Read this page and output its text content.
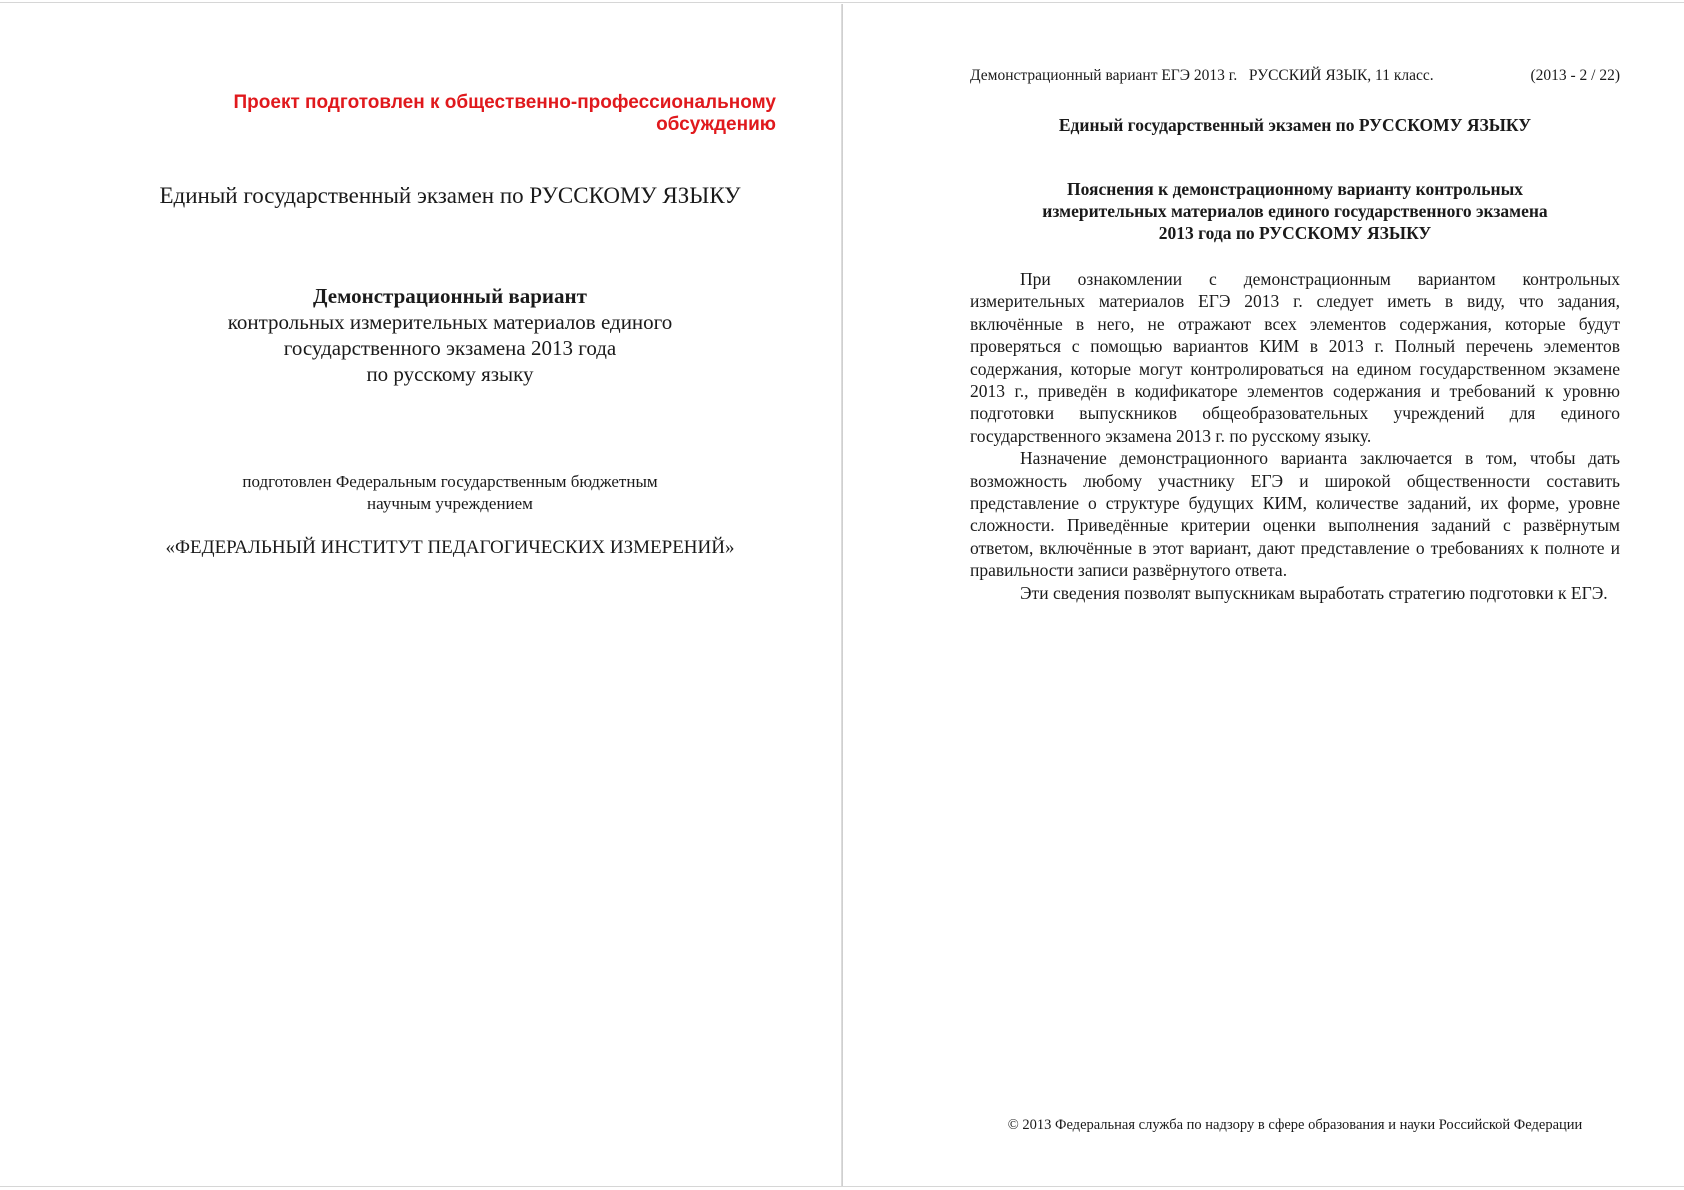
Проект подготовлен к общественно-профессиональному
обсуждению
Единый государственный экзамен по РУССКОМУ ЯЗЫКУ
Демонстрационный вариант
контрольных измерительных материалов единого
государственного экзамена 2013 года
по русскому языку
подготовлен Федеральным государственным бюджетным
научным учреждением
«ФЕДЕРАЛЬНЫЙ ИНСТИТУТ ПЕДАГОГИЧЕСКИХ ИЗМЕРЕНИЙ»
Демонстрационный вариант ЕГЭ 2013 г.   РУССКИЙ ЯЗЫК, 11 класс.	(2013 - 2 / 22)
Единый государственный экзамен по РУССКОМУ ЯЗЫКУ
Пояснения к демонстрационному варианту контрольных
измерительных материалов единого государственного экзамена
2013 года по РУССКОМУ ЯЗЫКУ

При ознакомлении с демонстрационным вариантом контрольных измерительных материалов ЕГЭ 2013 г. следует иметь в виду, что задания, включённые в него, не отражают всех элементов содержания, которые будут проверяться с помощью вариантов КИМ в 2013 г. Полный перечень элементов содержания, которые могут контролироваться на едином государственном экзамене 2013 г., приведён в кодификаторе элементов содержания и требований к уровню подготовки выпускников общеобразовательных учреждений для единого государственного экзамена 2013 г. по русскому языку.

Назначение демонстрационного варианта заключается в том, чтобы дать возможность любому участнику ЕГЭ и широкой общественности составить представление о структуре будущих КИМ, количестве заданий, их форме, уровне сложности. Приведённые критерии оценки выполнения заданий с развёрнутым ответом, включённые в этот вариант, дают представление о требованиях к полноте и правильности записи развёрнутого ответа.

Эти сведения позволят выпускникам выработать стратегию подготовки к ЕГЭ.

© 2013 Федеральная служба по надзору в сфере образования и науки Российской Федерации
